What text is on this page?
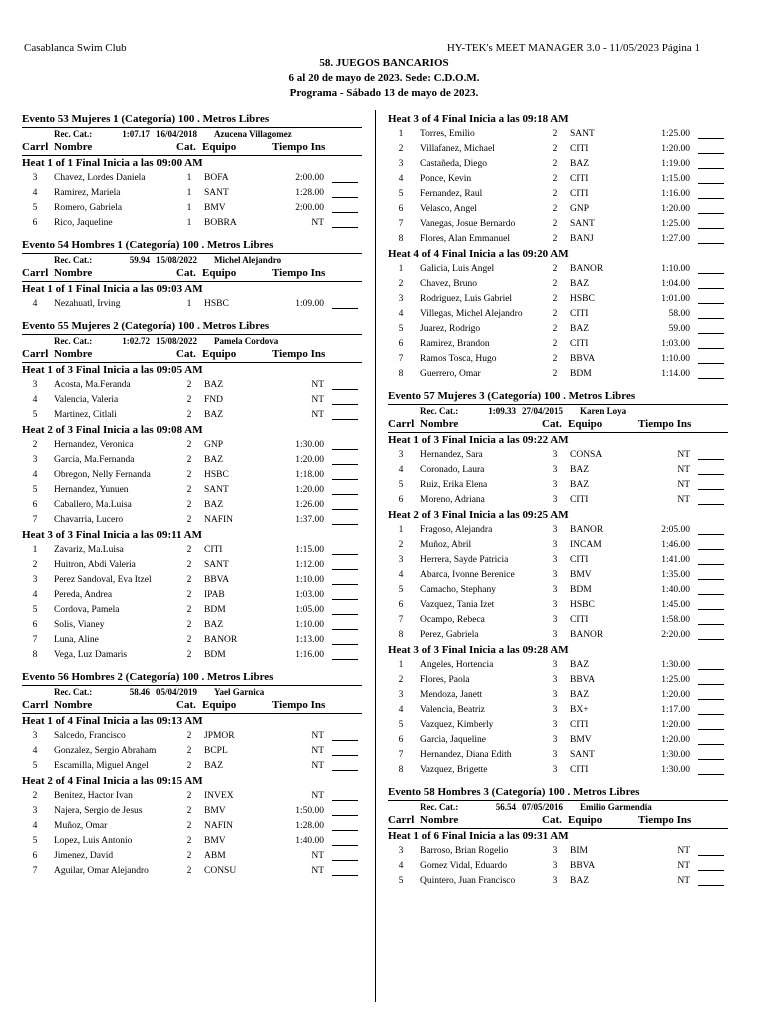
Casablanca Swim Club	HY-TEK's MEET MANAGER 3.0 - 11/05/2023 Página 1
58. JUEGOS BANCARIOS
6 al 20 de mayo de 2023. Sede: C.D.O.M.
Programa - Sábado 13 de mayo de 2023.
Evento 53 Mujeres 1 (Categoría) 100 . Metros Libres
Rec. Cat.:	1:07.17 16/04/2018 Azucena Villagomez
Carrl Nombre	Cat. Equipo	Tiempo Ins
Heat 1 of 1 Final Inicia a las 09:00 AM
3	Chavez, Lordes Daniela	1	BOFA	2:00.00
4	Ramirez, Mariela	1	SANT	1:28.00
5	Romero, Gabriela	1	BMV	2:00.00
6	Rico, Jaqueline	1	BOBRA	NT
Evento 54 Hombres 1 (Categoría) 100 . Metros Libres
Rec. Cat.:	59.94 15/08/2022 Michel Alejandro
Carrl Nombre	Cat. Equipo	Tiempo Ins
Heat 1 of 1 Final Inicia a las 09:03 AM
4	Nezahuatl, Irving	1	HSBC	1:09.00
Evento 55 Mujeres 2 (Categoría) 100 . Metros Libres
Rec. Cat.:	1:02.72 15/08/2022 Pamela Cordova
Carrl Nombre	Cat. Equipo	Tiempo Ins
Heat 1 of 3 Final Inicia a las 09:05 AM
3	Acosta, Ma.Feranda	2	BAZ	NT
4	Valencia, Valeria	2	FND	NT
5	Martinez, Citlali	2	BAZ	NT
Heat 2 of 3 Final Inicia a las 09:08 AM
2	Hernandez, Veronica	2	GNP	1:30.00
3	Garcia, Ma.Fernanda	2	BAZ	1:20.00
4	Obregon, Nelly Fernanda	2	HSBC	1:18.00
5	Hernandez, Yunuen	2	SANT	1:20.00
6	Caballero, Ma.Luisa	2	BAZ	1:26.00
7	Chavarria, Lucero	2	NAFIN	1:37.00
Heat 3 of 3 Final Inicia a las 09:11 AM
1	Zavariz, Ma.Luisa	2	CITI	1:15.00
2	Huitron, Abdi Valeria	2	SANT	1:12.00
3	Perez Sandoval, Eva Itzel	2	BBVA	1:10.00
4	Pereda, Andrea	2	IPAB	1:03.00
5	Cordova, Pamela	2	BDM	1:05.00
6	Solis, Vianey	2	BAZ	1:10.00
7	Luna, Aline	2	BANOR	1:13.00
8	Vega, Luz Damaris	2	BDM	1:16.00
Evento 56 Hombres 2 (Categoría) 100 . Metros Libres
Rec. Cat.:	58.46 05/04/2019 Yael Garnica
Carrl Nombre	Cat. Equipo	Tiempo Ins
Heat 1 of 4 Final Inicia a las 09:13 AM
3	Salcedo, Francisco	2	JPMOR	NT
4	Gonzalez, Sergio Abraham	2	BCPL	NT
5	Escamilla, Miguel Angel	2	BAZ	NT
Heat 2 of 4 Final Inicia a las 09:15 AM
2	Benitez, Hactor Ivan	2	INVEX	NT
3	Najera, Sergio de Jesus	2	BMV	1:50.00
4	Muñoz, Omar	2	NAFIN	1:28.00
5	Lopez, Luis Antonio	2	BMV	1:40.00
6	Jimenez, David	2	ABM	NT
7	Aguilar, Omar Alejandro	2	CONSU	NT
Heat 3 of 4 Final Inicia a las 09:18 AM
1	Torres, Emilio	2	SANT	1:25.00
2	Villafanez, Michael	2	CITI	1:20.00
3	Castañeda, Diego	2	BAZ	1:19.00
4	Ponce, Kevin	2	CITI	1:15.00
5	Fernandez, Raul	2	CITI	1:16.00
6	Velasco, Angel	2	GNP	1:20.00
7	Vanegas, Josue Bernardo	2	SANT	1:25.00
8	Flores, Alan Emmanuel	2	BANJ	1:27.00
Heat 4 of 4 Final Inicia a las 09:20 AM
1	Galicia, Luis Angel	2	BANOR	1:10.00
2	Chavez, Bruno	2	BAZ	1:04.00
3	Rodriguez, Luis Gabriel	2	HSBC	1:01.00
4	Villegas, Michel Alejandro	2	CITI	58.00
5	Juarez, Rodrigo	2	BAZ	59.00
6	Ramirez, Brandon	2	CITI	1:03.00
7	Ramos Tosca, Hugo	2	BBVA	1:10.00
8	Guerrero, Omar	2	BDM	1:14.00
Evento 57 Mujeres 3 (Categoría) 100 . Metros Libres
Rec. Cat.:	1:09.33 27/04/2015 Karen Loya
Carrl Nombre	Cat. Equipo	Tiempo Ins
Heat 1 of 3 Final Inicia a las 09:22 AM
3	Hernandez, Sara	3	CONSA	NT
4	Coronado, Laura	3	BAZ	NT
5	Ruiz, Erika Elena	3	BAZ	NT
6	Moreno, Adriana	3	CITI	NT
Heat 2 of 3 Final Inicia a las 09:25 AM
1	Fragoso, Alejandra	3	BANOR	2:05.00
2	Muñoz, Abril	3	INCAM	1:46.00
3	Herrera, Sayde Patricia	3	CITI	1:41.00
4	Abarca, Ivonne Berenice	3	BMV	1:35.00
5	Camacho, Stephany	3	BDM	1:40.00
6	Vazquez, Tania Izet	3	HSBC	1:45.00
7	Ocampo, Rebeca	3	CITI	1:58.00
8	Perez, Gabriela	3	BANOR	2:20.00
Heat 3 of 3 Final Inicia a las 09:28 AM
1	Angeles, Hortencia	3	BAZ	1:30.00
2	Flores, Paola	3	BBVA	1:25.00
3	Mendoza, Janett	3	BAZ	1:20.00
4	Valencia, Beatriz	3	BX+	1:17.00
5	Vazquez, Kimberly	3	CITI	1:20.00
6	Garcia, Jaqueline	3	BMV	1:20.00
7	Hernandez, Diana Edith	3	SANT	1:30.00
8	Vazquez, Brigette	3	CITI	1:30.00
Evento 58 Hombres 3 (Categoría) 100 . Metros Libres
Rec. Cat.:	56.54 07/05/2016 Emilio Garmendia
Carrl Nombre	Cat. Equipo	Tiempo Ins
Heat 1 of 6 Final Inicia a las 09:31 AM
3	Barroso, Brian Rogelio	3	BIM	NT
4	Gomez Vidal, Eduardo	3	BBVA	NT
5	Quintero, Juan Francisco	3	BAZ	NT
